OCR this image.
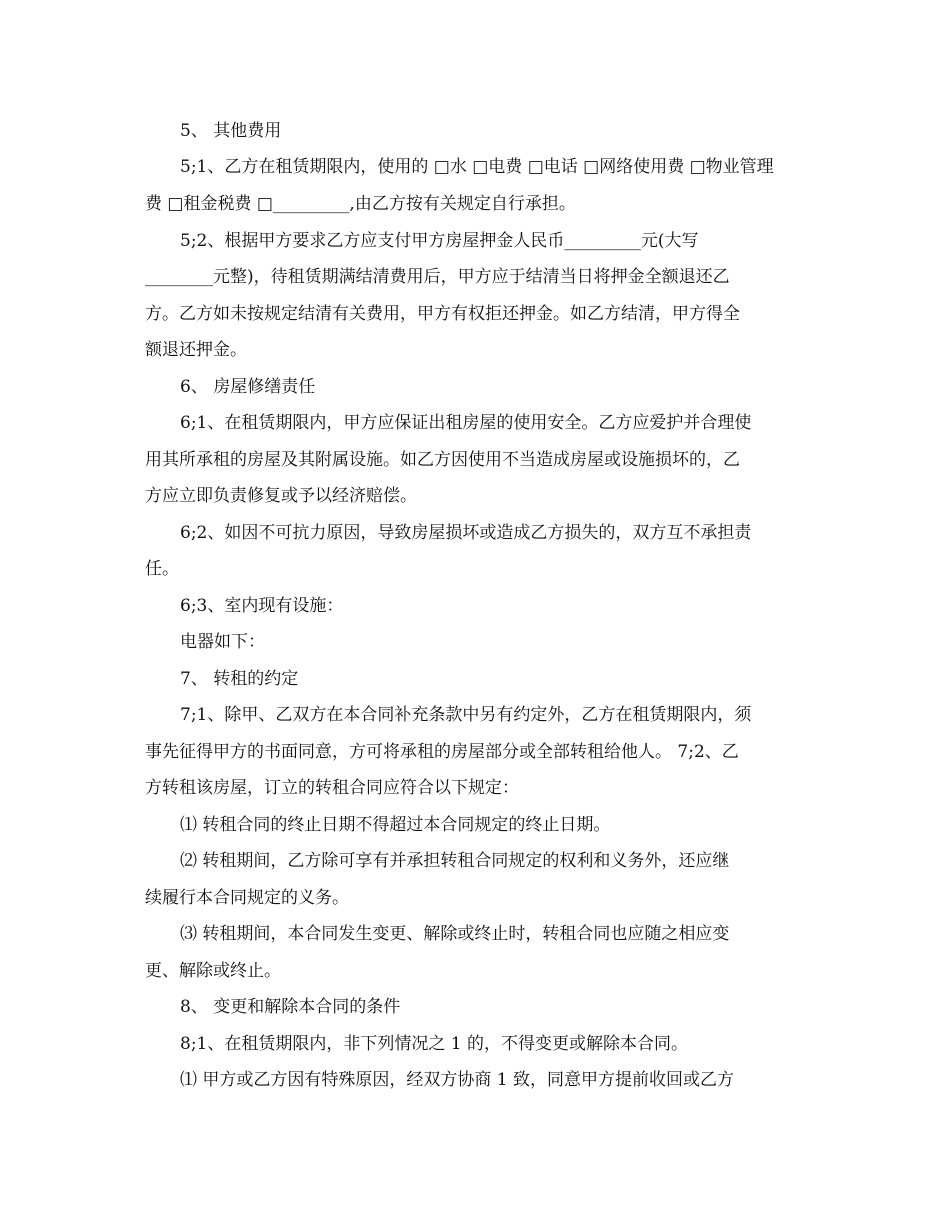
5、 其他费用
5;1、乙方在租赁期限内，使用的 □水 □电费 □电话 □网络使用费 □物业管理
费 □租金税费 □_________,由乙方按有关规定自行承担。
5;2、根据甲方要求乙方应支付甲方房屋押金人民币_________元(大写
________元整)，待租赁期满结清费用后，甲方应于结清当日将押金全额退还乙
方。乙方如未按规定结清有关费用，甲方有权拒还押金。如乙方结清，甲方得全
额退还押金。
6、 房屋修缮责任
6;1、在租赁期限内，甲方应保证出租房屋的使用安全。乙方应爱护并合理使
用其所承租的房屋及其附属设施。如乙方因使用不当造成房屋或设施损坏的，乙
方应立即负责修复或予以经济赔偿。
6;2、如因不可抗力原因，导致房屋损坏或造成乙方损失的，双方互不承担责
任。
6;3、室内现有设施：
电器如下：
7、 转租的约定
7;1、除甲、乙双方在本合同补充条款中另有约定外，乙方在租赁期限内，须
事先征得甲方的书面同意，方可将承租的房屋部分或全部转租给他人。 7;2、乙
方转租该房屋，订立的转租合同应符合以下规定：
⑴ 转租合同的终止日期不得超过本合同规定的终止日期。
⑵ 转租期间，乙方除可享有并承担转租合同规定的权利和义务外，还应继
续履行本合同规定的义务。
⑶ 转租期间，本合同发生变更、解除或终止时，转租合同也应随之相应变
更、解除或终止。
8、 变更和解除本合同的条件
8;1、在租赁期限内，非下列情况之 1 的，不得变更或解除本合同。
⑴ 甲方或乙方因有特殊原因，经双方协商 1 致，同意甲方提前收回或乙方
